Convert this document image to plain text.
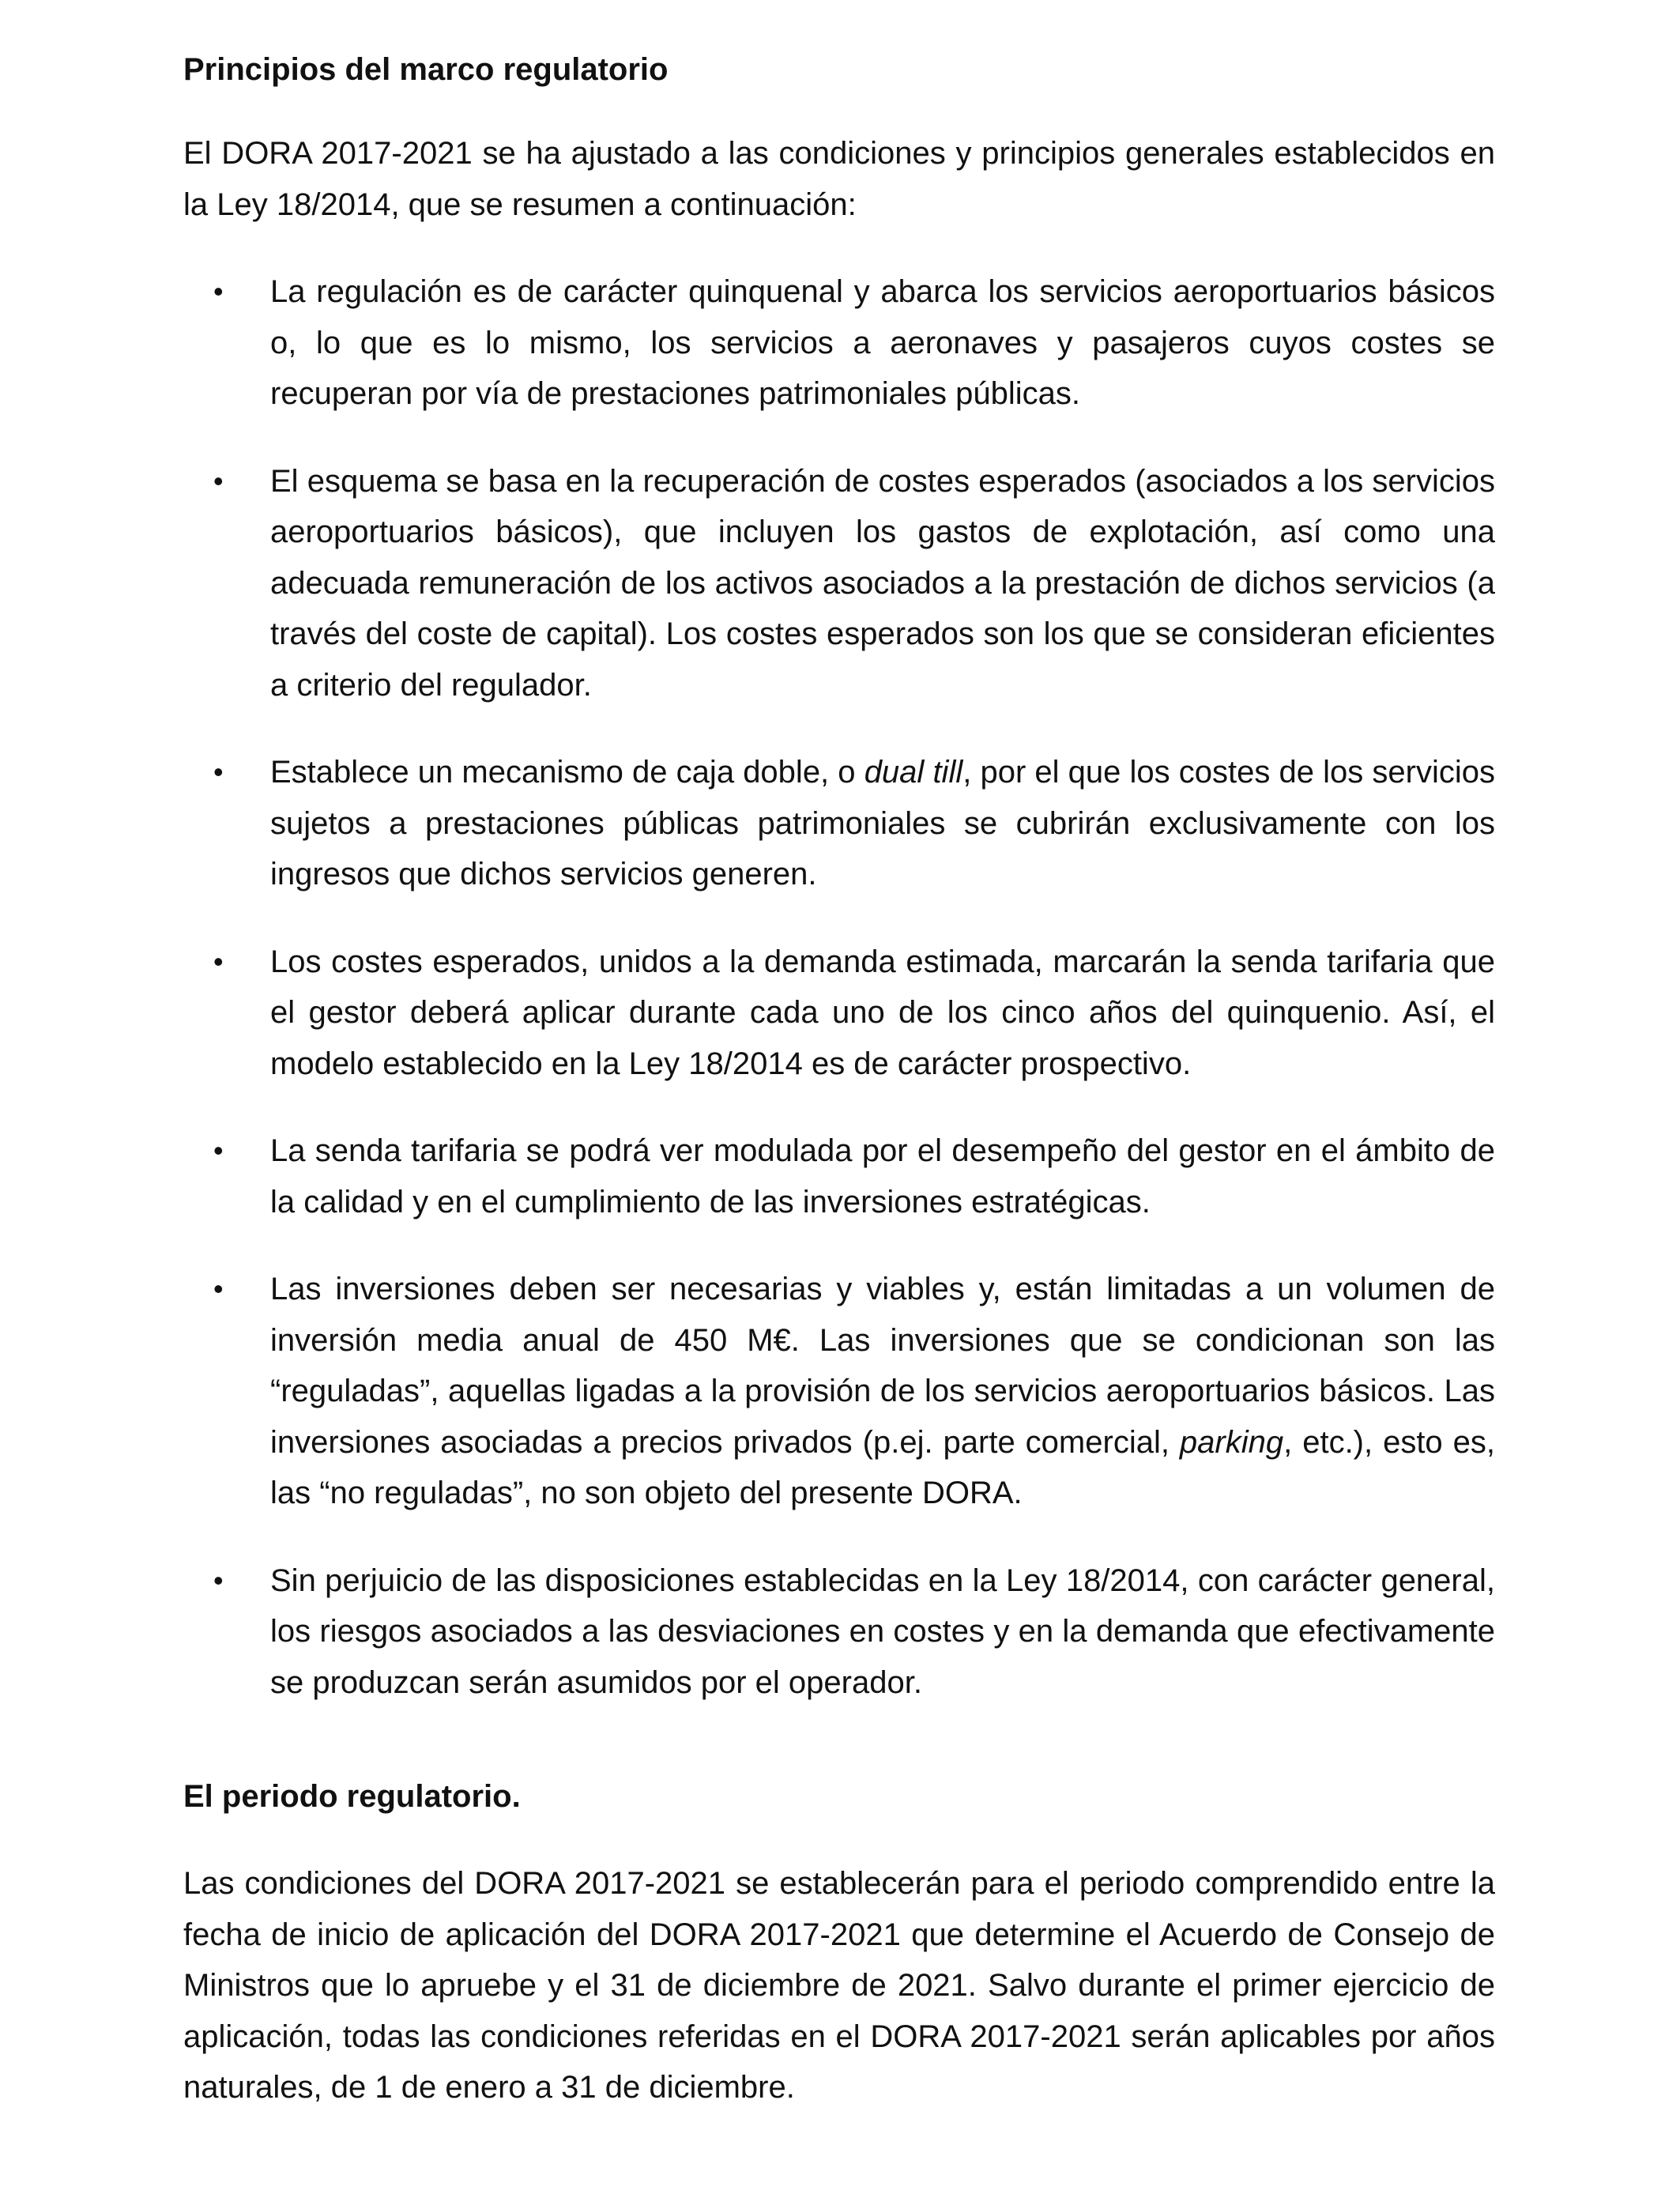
Principios del marco regulatorio

El DORA 2017-2021 se ha ajustado a las condiciones y principios generales establecidos en la Ley 18/2014, que se resumen a continuación:

• La regulación es de carácter quinquenal y abarca los servicios aeroportuarios básicos o, lo que es lo mismo, los servicios a aeronaves y pasajeros cuyos costes se recuperan por vía de prestaciones patrimoniales públicas.
• El esquema se basa en la recuperación de costes esperados (asociados a los servicios aeroportuarios básicos), que incluyen los gastos de explotación, así como una adecuada remuneración de los activos asociados a la prestación de dichos servicios (a través del coste de capital). Los costes esperados son los que se consideran eficientes a criterio del regulador.
• Establece un mecanismo de caja doble, o dual till, por el que los costes de los servicios sujetos a prestaciones públicas patrimoniales se cubrirán exclusivamente con los ingresos que dichos servicios generen.
• Los costes esperados, unidos a la demanda estimada, marcarán la senda tarifaria que el gestor deberá aplicar durante cada uno de los cinco años del quinquenio. Así, el modelo establecido en la Ley 18/2014 es de carácter prospectivo.
• La senda tarifaria se podrá ver modulada por el desempeño del gestor en el ámbito de la calidad y en el cumplimiento de las inversiones estratégicas.
• Las inversiones deben ser necesarias y viables y, están limitadas a un volumen de inversión media anual de 450 M€. Las inversiones que se condicionan son las “reguladas”, aquellas ligadas a la provisión de los servicios aeroportuarios básicos. Las inversiones asociadas a precios privados (p.ej. parte comercial, parking, etc.), esto es, las “no reguladas”, no son objeto del presente DORA.
• Sin perjuicio de las disposiciones establecidas en la Ley 18/2014, con carácter general, los riesgos asociados a las desviaciones en costes y en la demanda que efectivamente se produzcan serán asumidos por el operador.
El periodo regulatorio.

Las condiciones del DORA 2017-2021 se establecerán para el periodo comprendido entre la fecha de inicio de aplicación del DORA 2017-2021 que determine el Acuerdo de Consejo de Ministros que lo apruebe y el 31 de diciembre de 2021. Salvo durante el primer ejercicio de aplicación, todas las condiciones referidas en el DORA 2017-2021 serán aplicables por años naturales, de 1 de enero a 31 de diciembre.
